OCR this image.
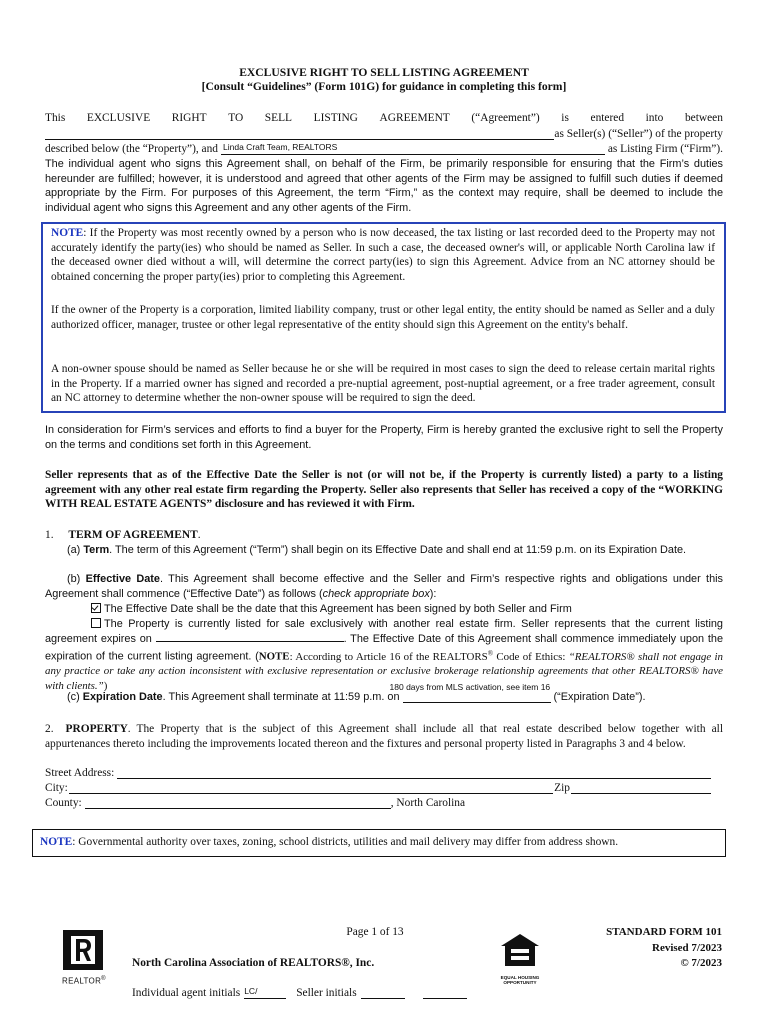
EXCLUSIVE RIGHT TO SELL LISTING AGREEMENT
[Consult “Guidelines” (Form 101G) for guidance in completing this form]
This EXCLUSIVE RIGHT TO SELL LISTING AGREEMENT (“Agreement”) is entered into between
as Seller(s) (“Seller”) of the property
described below (the “Property”), and Linda Craft Team, REALTORS	as Listing Firm (“Firm”).
The individual agent who signs this Agreement shall, on behalf of the Firm, be primarily responsible for ensuring that the Firm’s duties hereunder are fulfilled; however, it is understood and agreed that other agents of the Firm may be assigned to fulfill such duties if deemed appropriate by the Firm. For purposes of this Agreement, the term “Firm,” as the context may require, shall be deemed to include the individual agent who signs this Agreement and any other agents of the Firm.
NOTE: If the Property was most recently owned by a person who is now deceased, the tax listing or last recorded deed to the Property may not accurately identify the party(ies) who should be named as Seller. In such a case, the deceased owner's will, or applicable North Carolina law if the deceased owner died without a will, will determine the correct party(ies) to sign this Agreement. Advice from an NC attorney should be obtained concerning the proper party(ies) prior to completing this Agreement.
If the owner of the Property is a corporation, limited liability company, trust or other legal entity, the entity should be named as Seller and a duly authorized officer, manager, trustee or other legal representative of the entity should sign this Agreement on the entity's behalf.
A non-owner spouse should be named as Seller because he or she will be required in most cases to sign the deed to release certain marital rights in the Property. If a married owner has signed and recorded a pre-nuptial agreement, post-nuptial agreement, or a free trader agreement, consult an NC attorney to determine whether the non-owner spouse will be required to sign the deed.
In consideration for Firm’s services and efforts to find a buyer for the Property, Firm is hereby granted the exclusive right to sell the Property on the terms and conditions set forth in this Agreement.
Seller represents that as of the Effective Date the Seller is not (or will not be, if the Property is currently listed) a party to a listing agreement with any other real estate firm regarding the Property. Seller also represents that Seller has received a copy of the “WORKING WITH REAL ESTATE AGENTS” disclosure and has reviewed it with Firm.
1. TERM OF AGREEMENT.
(a) Term. The term of this Agreement (“Term”) shall begin on its Effective Date and shall end at 11:59 p.m. on its Expiration Date.
(b) Effective Date. This Agreement shall become effective and the Seller and Firm’s respective rights and obligations under this Agreement shall commence (“Effective Date”) as follows (check appropriate box):
The Effective Date shall be the date that this Agreement has been signed by both Seller and Firm
The Property is currently listed for sale exclusively with another real estate firm. Seller represents that the current listing agreement expires on	. The Effective Date of this Agreement shall commence immediately upon the expiration of the current listing agreement. (NOTE: According to Article 16 of the REALTORS® Code of Ethics: “REALTORS® shall not engage in any practice or take any action inconsistent with exclusive representation or exclusive brokerage relationship agreements that other REALTORS® have with clients.”)
(c)
Expiration Date . This Agreement shall terminate at 11:59 p.m. on
180 days from MLS activation, see item 16
(“Expiration Date”).
2. PROPERTY. The Property that is the subject of this Agreement shall include all that real estate described below together with all appurtenances thereto including the improvements located thereon and the fixtures and personal property listed in Paragraphs 3 and 4 below.
Street Address:
City:	Zip
County:	, North Carolina
NOTE: Governmental authority over taxes, zoning, school districts, utilities and mail delivery may differ from address shown.
Page 1 of 13
REALTOR®
North Carolina Association of REALTORS®, Inc.
EQUAL HOUSING OPPORTUNITY
STANDARD FORM 101
Revised 7/2023
© 7/2023
Individual agent initials LC/	Seller initials
